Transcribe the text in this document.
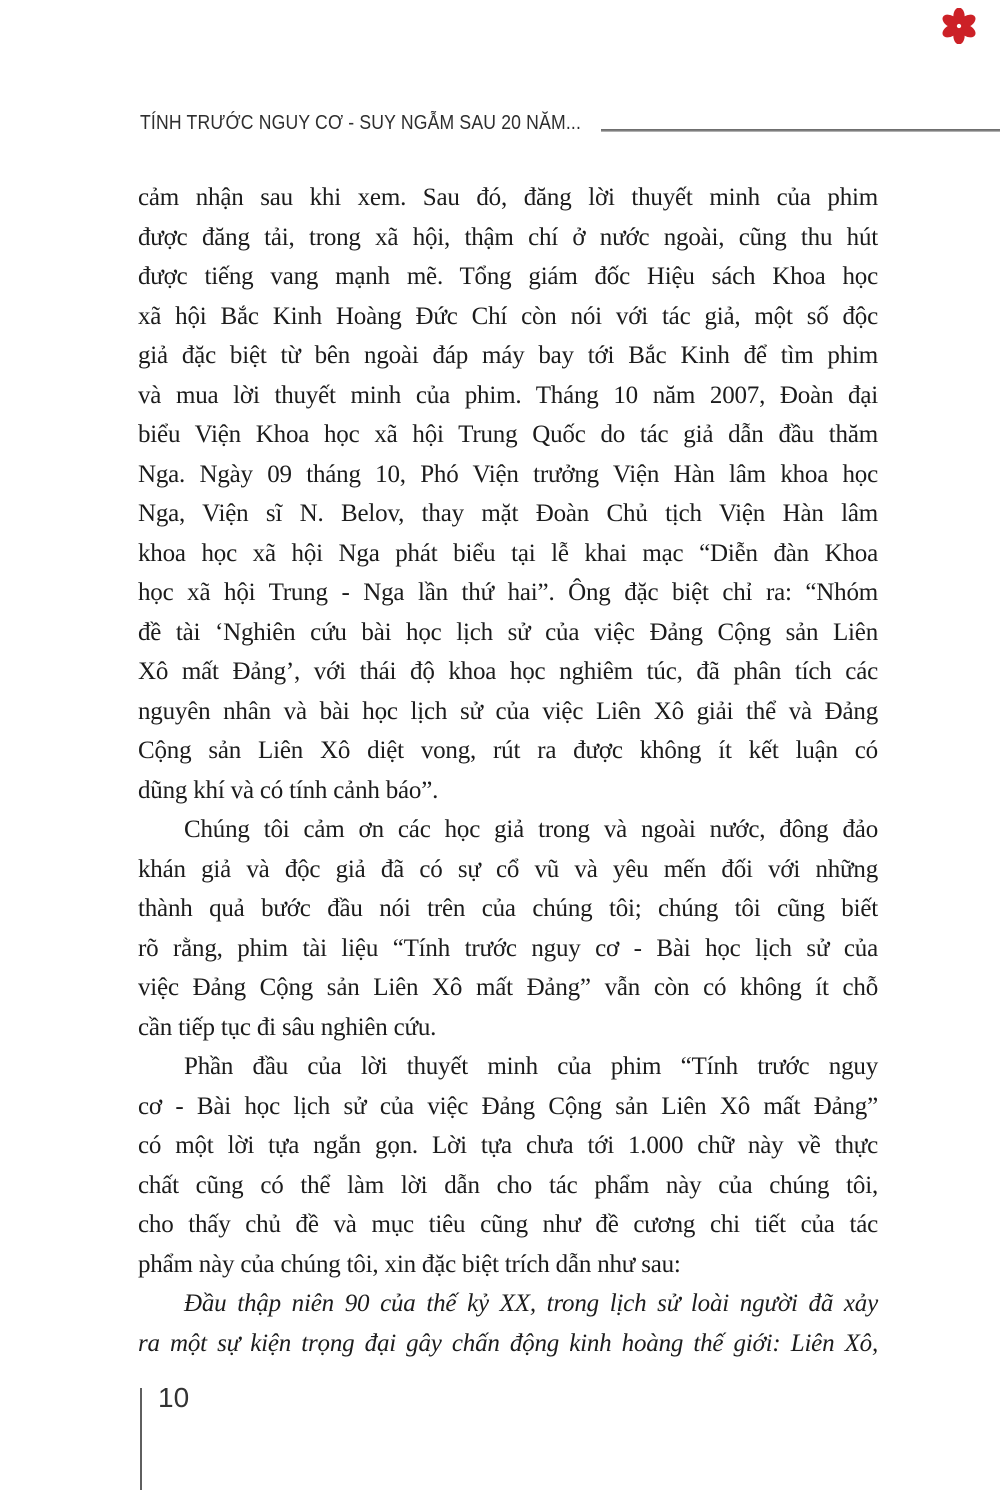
TÍNH TRƯỚC NGUY CƠ - SUY NGẪM SAU 20 NĂM...
cảm nhận sau khi xem. Sau đó, đăng lời thuyết minh của phim
được đăng tải, trong xã hội, thậm chí ở nước ngoài, cũng thu hút
được tiếng vang mạnh mẽ. Tổng giám đốc Hiệu sách Khoa học
xã hội Bắc Kinh Hoàng Đức Chí còn nói với tác giả, một số độc
giả đặc biệt từ bên ngoài đáp máy bay tới Bắc Kinh để tìm phim
và mua lời thuyết minh của phim. Tháng 10 năm 2007, Đoàn đại
biểu Viện Khoa học xã hội Trung Quốc do tác giả dẫn đầu thăm
Nga. Ngày 09 tháng 10, Phó Viện trưởng Viện Hàn lâm khoa học
Nga, Viện sĩ N. Belov, thay mặt Đoàn Chủ tịch Viện Hàn lâm
khoa học xã hội Nga phát biểu tại lễ khai mạc “Diễn đàn Khoa
học xã hội Trung - Nga lần thứ hai”. Ông đặc biệt chỉ ra: “Nhóm
đề tài ‘Nghiên cứu bài học lịch sử của việc Đảng Cộng sản Liên
Xô mất Đảng’, với thái độ khoa học nghiêm túc, đã phân tích các
nguyên nhân và bài học lịch sử của việc Liên Xô giải thể và Đảng
Cộng sản Liên Xô diệt vong, rút ra được không ít kết luận có
dũng khí và có tính cảnh báo”.
Chúng tôi cảm ơn các học giả trong và ngoài nước, đông đảo
khán giả và độc giả đã có sự cổ vũ và yêu mến đối với những
thành quả bước đầu nói trên của chúng tôi; chúng tôi cũng biết
rõ rằng, phim tài liệu “Tính trước nguy cơ - Bài học lịch sử của
việc Đảng Cộng sản Liên Xô mất Đảng” vẫn còn có không ít chỗ
cần tiếp tục đi sâu nghiên cứu.
Phần đầu của lời thuyết minh của phim “Tính trước nguy
cơ - Bài học lịch sử của việc Đảng Cộng sản Liên Xô mất Đảng”
có một lời tựa ngắn gọn. Lời tựa chưa tới 1.000 chữ này về thực
chất cũng có thể làm lời dẫn cho tác phẩm này của chúng tôi,
cho thấy chủ đề và mục tiêu cũng như đề cương chi tiết của tác
phẩm này của chúng tôi, xin đặc biệt trích dẫn như sau:
Đầu thập niên 90 của thế kỷ XX, trong lịch sử loài người đã xảy
ra một sự kiện trọng đại gây chấn động kinh hoàng thế giới: Liên Xô,
10
